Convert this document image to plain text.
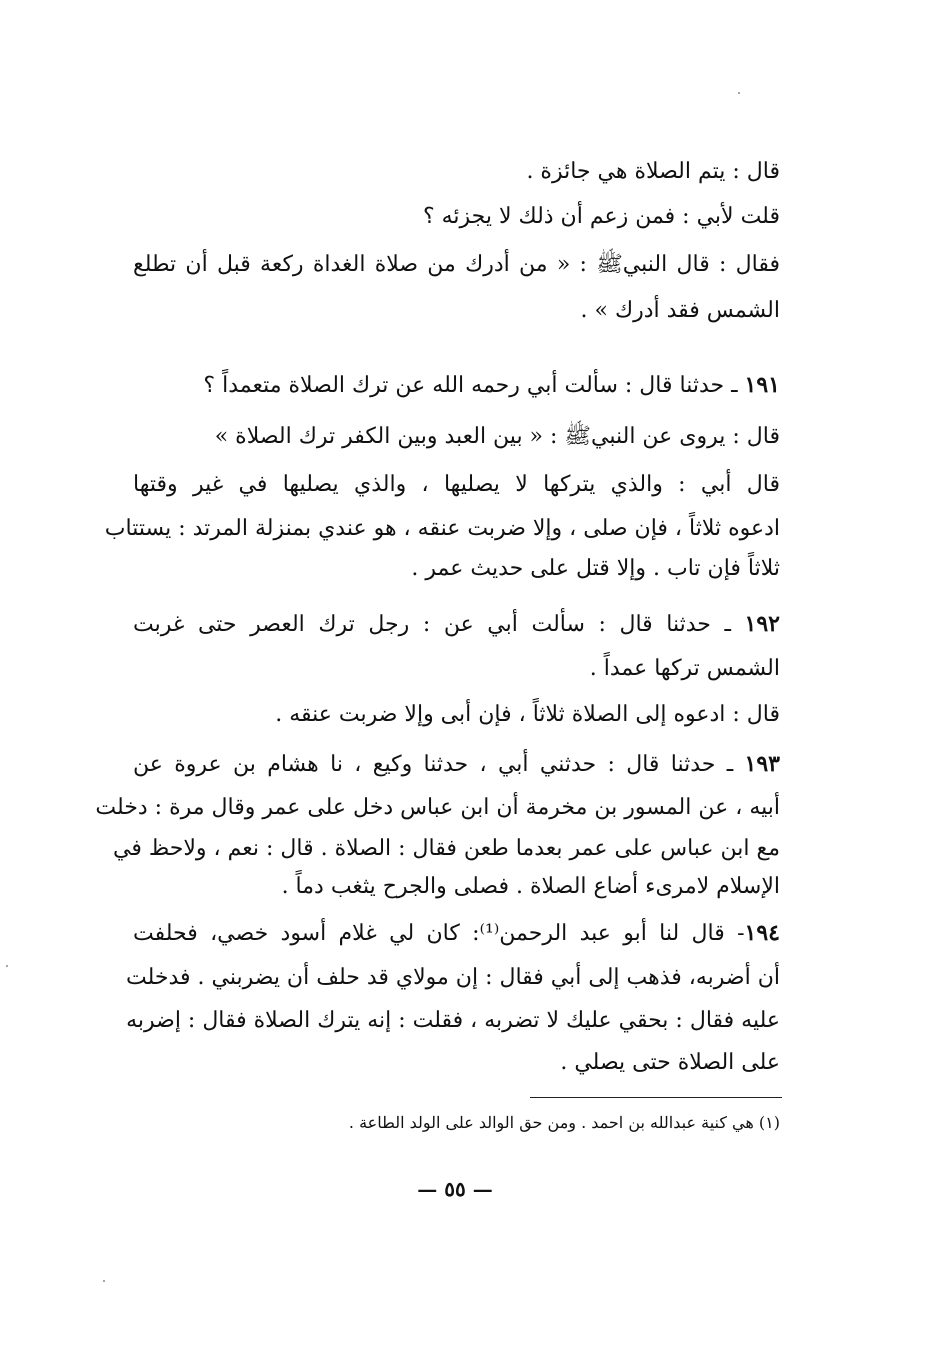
قال : يتم الصلاة هي جائزة .
قلت لأبي : فمن زعم أن ذلك لا يجزئه ؟
فقال : قال النبيﷺ : « من أدرك من صلاة الغداة ركعة قبل أن تطلع
الشمس فقد أدرك » .
١٩١ ـ حدثنا قال : سألت أبي رحمه الله عن ترك الصلاة متعمداً ؟
قال : يروى عن النبيﷺ : « بين العبد وبين الكفر ترك الصلاة »
قال أبي : والذي يتركها لا يصليها ، والذي يصليها في غير وقتها
ادعوه ثلاثاً ، فإن صلى ، وإلا ضربت عنقه ، هو عندي بمنزلة المرتد : يستتاب
ثلاثاً فإن تاب . وإلا قتل على حديث عمر .
١٩٢ ـ حدثنا قال : سألت أبي عن : رجل ترك العصر حتى غربت
الشمس تركها عمداً .
قال : ادعوه إلى الصلاة ثلاثاً ، فإن أبى وإلا ضربت عنقه .
١٩٣ ـ حدثنا قال : حدثني أبي ، حدثنا وكيع ، نا هشام بن عروة عن
أبيه ، عن المسور بن مخرمة أن ابن عباس دخل على عمر وقال مرة : دخلت
مع ابن عباس على عمر بعدما طعن فقال : الصلاة . قال : نعم ، ولاحظ في
الإسلام لامرىء أضاع الصلاة . فصلى والجرح يثغب دماً .
١٩٤- قال لنا أبو عبد الرحمن⁽¹⁾: كان لي غلام أسود خصي، فحلفت
أن أضربه، فذهب إلى أبي فقال : إن مولاي قد حلف أن يضربني . فدخلت
عليه فقال : بحقي عليك لا تضربه ، فقلت : إنه يترك الصلاة فقال : إضربه
على الصلاة حتى يصلي .
(١) هي كنية عبدالله بن احمد . ومن حق الوالد على الولد الطاعة .
— ٥٥ —
